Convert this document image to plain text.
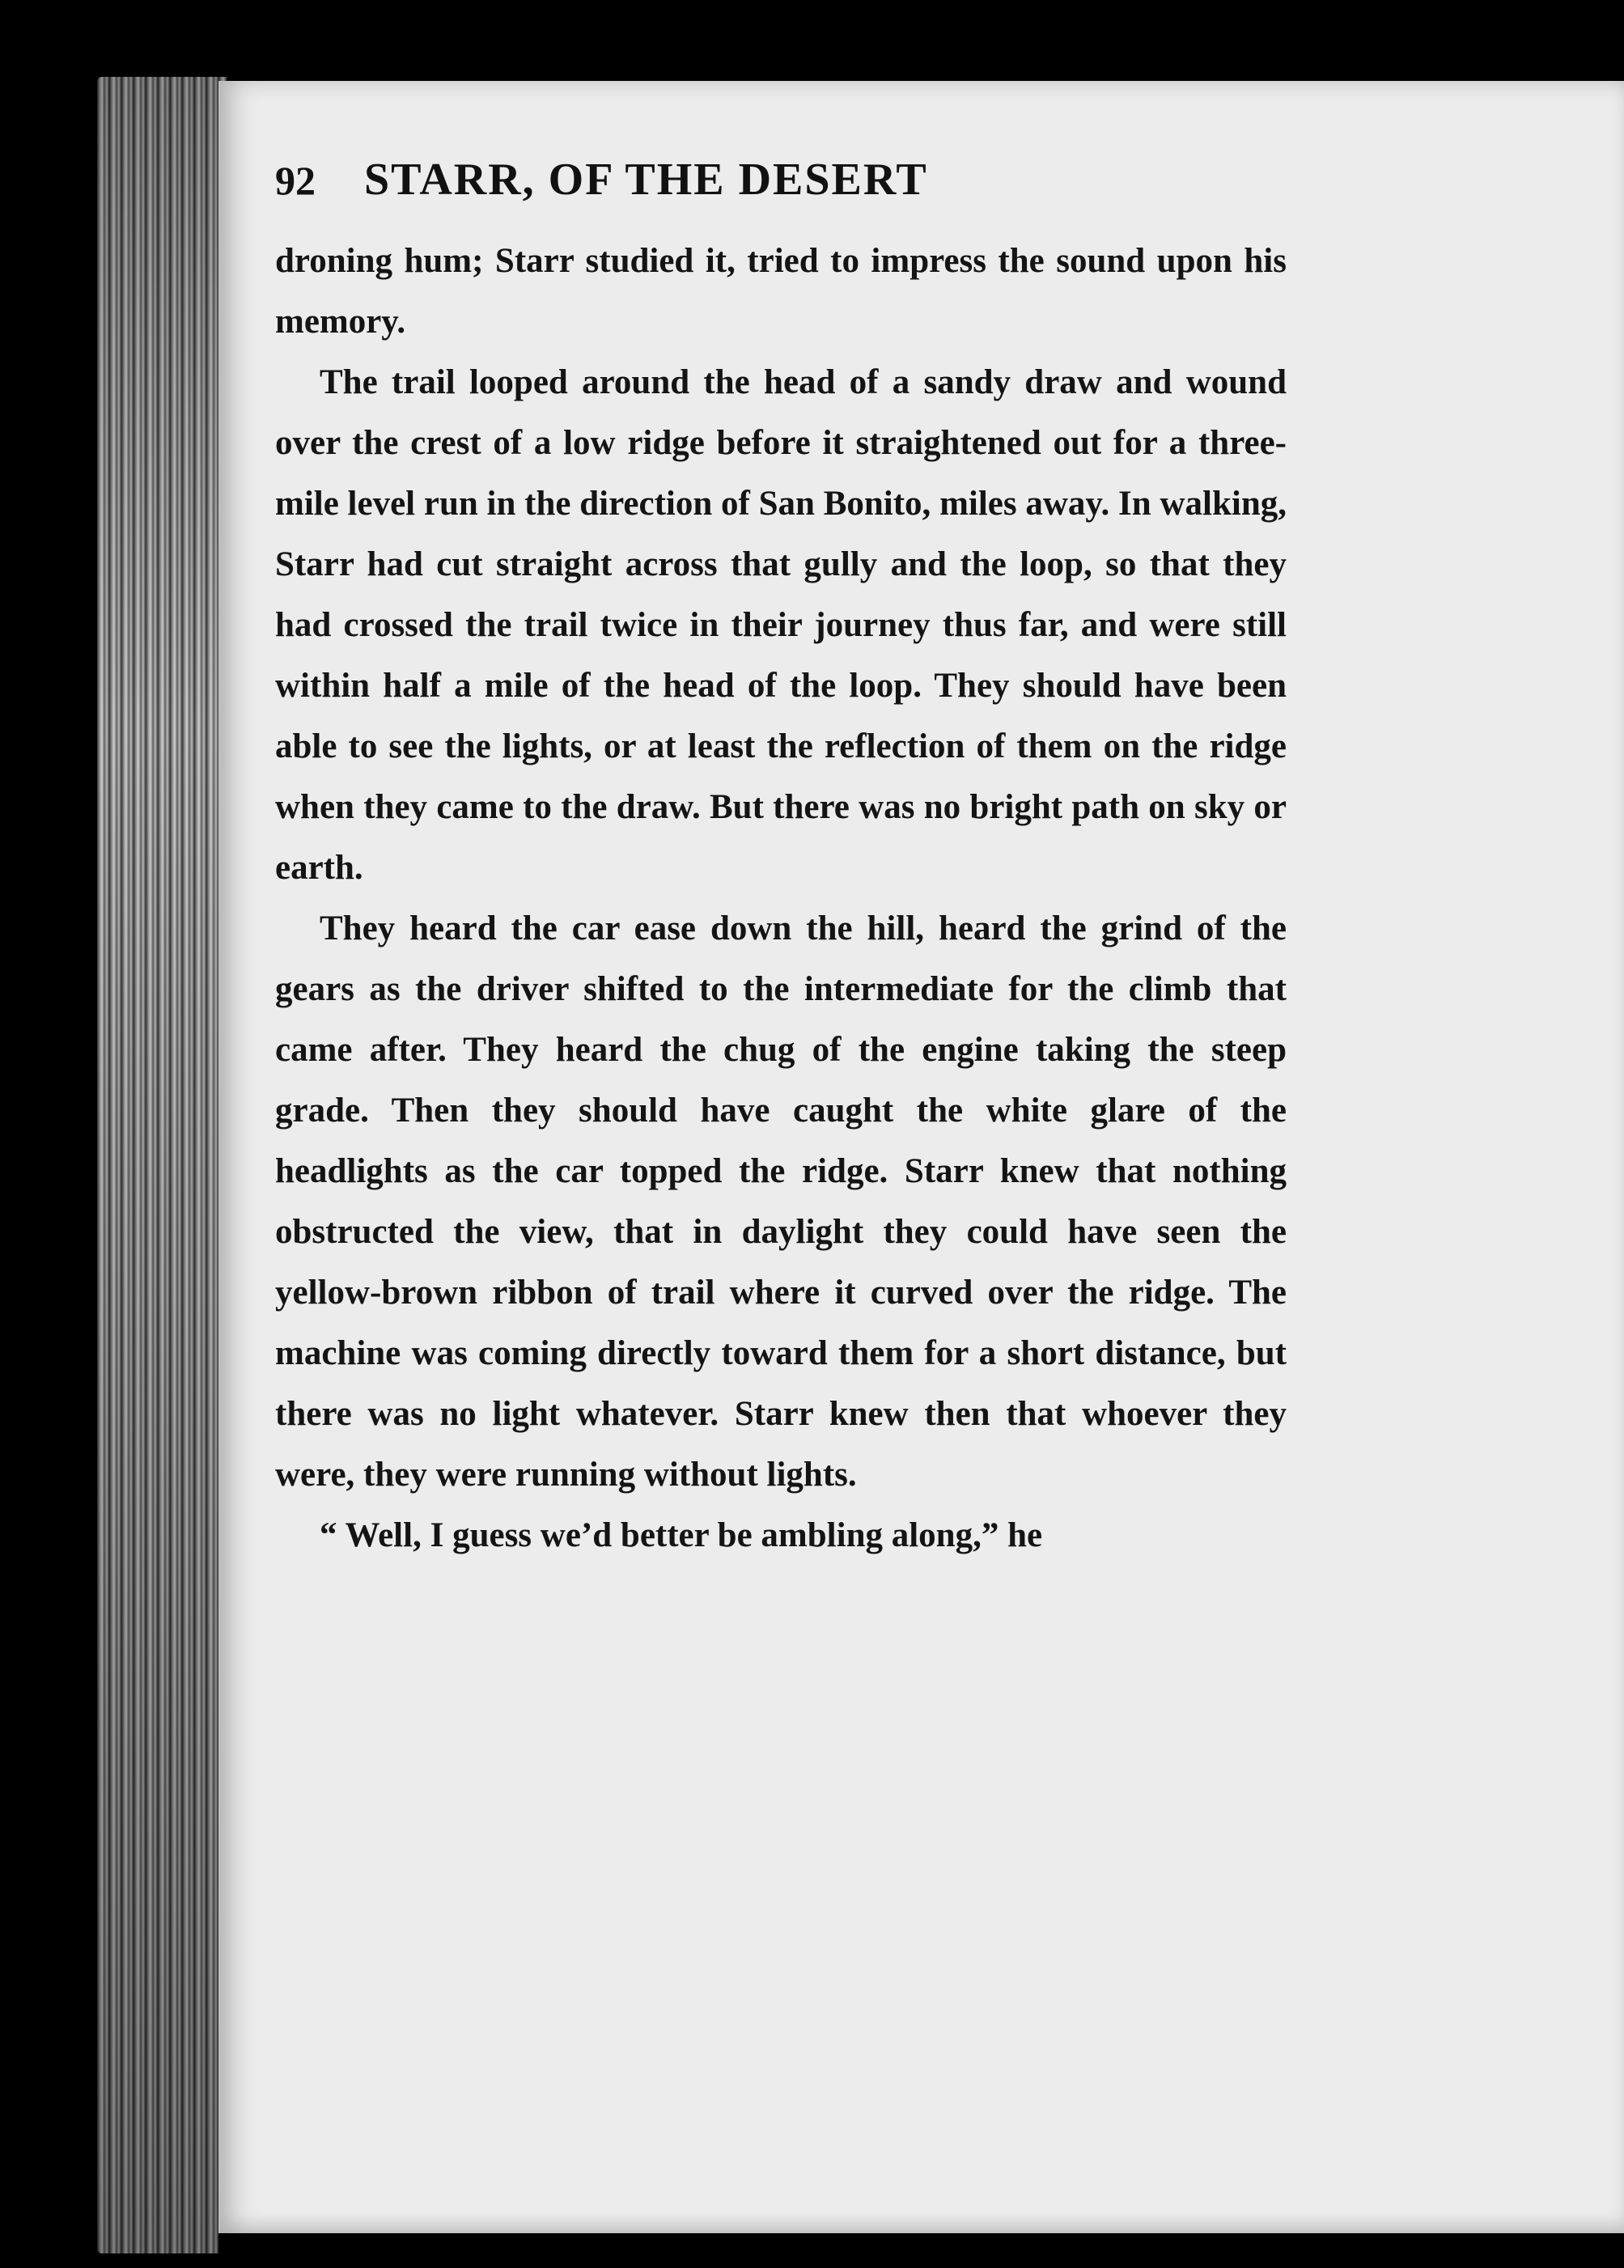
92	STARR, OF THE DESERT

droning hum; Starr studied it, tried to impress the sound upon his memory.

The trail looped around the head of a sandy draw and wound over the crest of a low ridge before it straightened out for a three-mile level run in the direction of San Bonito, miles away. In walking, Starr had cut straight across that gully and the loop, so that they had crossed the trail twice in their journey thus far, and were still within half a mile of the head of the loop. They should have been able to see the lights, or at least the reflection of them on the ridge when they came to the draw. But there was no bright path on sky or earth.

They heard the car ease down the hill, heard the grind of the gears as the driver shifted to the intermediate for the climb that came after. They heard the chug of the engine taking the steep grade. Then they should have caught the white glare of the headlights as the car topped the ridge. Starr knew that nothing obstructed the view, that in daylight they could have seen the yellow-brown ribbon of trail where it curved over the ridge. The machine was coming directly toward them for a short distance, but there was no light whatever. Starr knew then that whoever they were, they were running without lights.

“ Well, I guess we’d better be ambling along,” he
